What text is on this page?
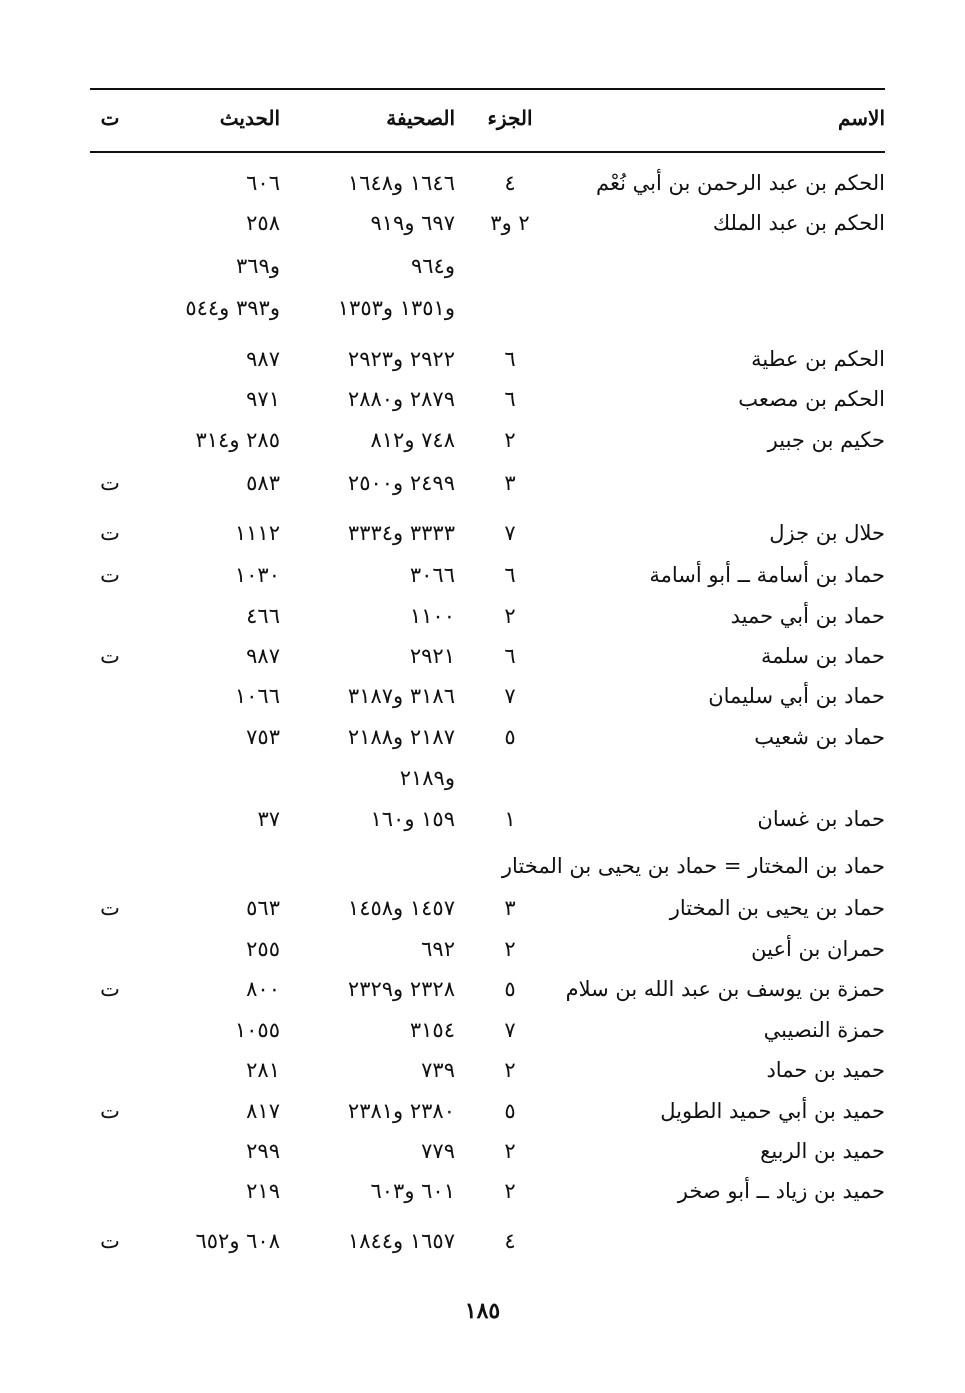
الاسم
الجزء
الصحيفة
الحديث
ت
الحكم بن عبد الرحمن بن أبي نُعْم
٤
١٦٤٦ و١٦٤٨
٦٠٦
الحكم بن عبد الملك
٢ و٣
٦٩٧ و٩١٩
٢٥٨
و٩٦٤
و٣٦٩
و١٣٥١ و١٣٥٣
و٣٩٣ و٥٤٤
الحكم بن عطية
٦
٢٩٢٢ و٢٩٢٣
٩٨٧
الحكم بن مصعب
٦
٢٨٧٩ و٢٨٨٠
٩٧١
حكيم بن جبير
٢
٧٤٨ و٨١٢
٢٨٥ و٣١٤
٣
٢٤٩٩ و٢٥٠٠
٥٨٣
ت
حلال بن جزل
٧
٣٣٣٣ و٣٣٣٤
١١١٢
ت
حماد بن أسامة ــ أبو أسامة
٦
٣٠٦٦
١٠٣٠
ت
حماد بن أبي حميد
٢
١١٠٠
٤٦٦
حماد بن سلمة
٦
٢٩٢١
٩٨٧
ت
حماد بن أبي سليمان
٧
٣١٨٦ و٣١٨٧
١٠٦٦
حماد بن شعيب
٥
٢١٨٧ و٢١٨٨
٧٥٣
و٢١٨٩
حماد بن غسان
١
١٥٩ و١٦٠
٣٧
حماد بن المختار = حماد بن يحيى بن المختار
حماد بن يحيى بن المختار
٣
١٤٥٧ و١٤٥٨
٥٦٣
ت
حمران بن أعين
٢
٦٩٢
٢٥٥
حمزة بن يوسف بن عبد الله بن سلام
٥
٢٣٢٨ و٢٣٢٩
٨٠٠
ت
حمزة النصيبي
٧
٣١٥٤
١٠٥٥
حميد بن حماد
٢
٧٣٩
٢٨١
حميد بن أبي حميد الطويل
٥
٢٣٨٠ و٢٣٨١
٨١٧
ت
حميد بن الربيع
٢
٧٧٩
٢٩٩
حميد بن زياد ــ أبو صخر
٢
٦٠١ و٦٠٣
٢١٩
٤
١٦٥٧ و١٨٤٤
٦٠٨ و٦٥٢
ت
١٨٥
